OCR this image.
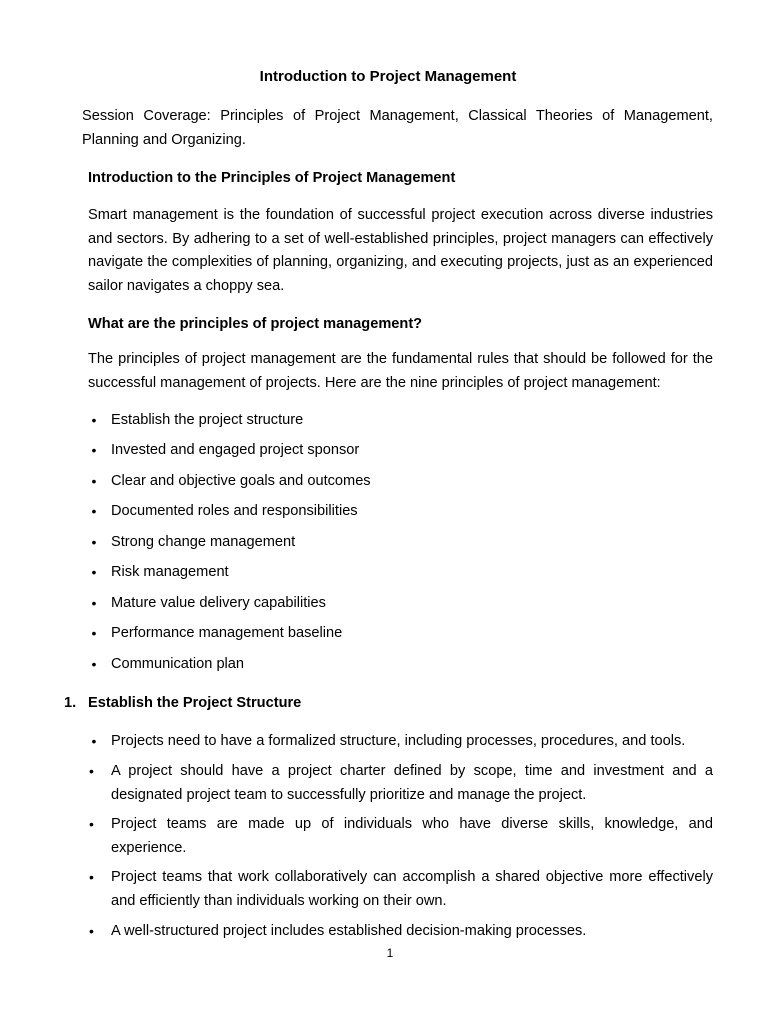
Introduction to Project Management
Session Coverage: Principles of Project Management, Classical Theories of Management, Planning and Organizing.
Introduction to the Principles of Project Management
Smart management is the foundation of successful project execution across diverse industries and sectors. By adhering to a set of well-established principles, project managers can effectively navigate the complexities of planning, organizing, and executing projects, just as an experienced sailor navigates a choppy sea.
What are the principles of project management?
The principles of project management are the fundamental rules that should be followed for the successful management of projects. Here are the nine principles of project management:
• Establish the project structure
• Invested and engaged project sponsor
• Clear and objective goals and outcomes
• Documented roles and responsibilities
• Strong change management
• Risk management
• Mature value delivery capabilities
• Performance management baseline
• Communication plan
1. Establish the Project Structure
• Projects need to have a formalized structure, including processes, procedures, and tools.
•	A project should have a project charter defined by scope, time and investment and a designated project team to successfully prioritize and manage the project.
•	Project teams are made up of individuals who have diverse skills, knowledge, and experience.
•	Project teams that work collaboratively can accomplish a shared objective more effectively and efficiently than individuals working on their own.
•	A well-structured project includes established decision-making processes.
1
